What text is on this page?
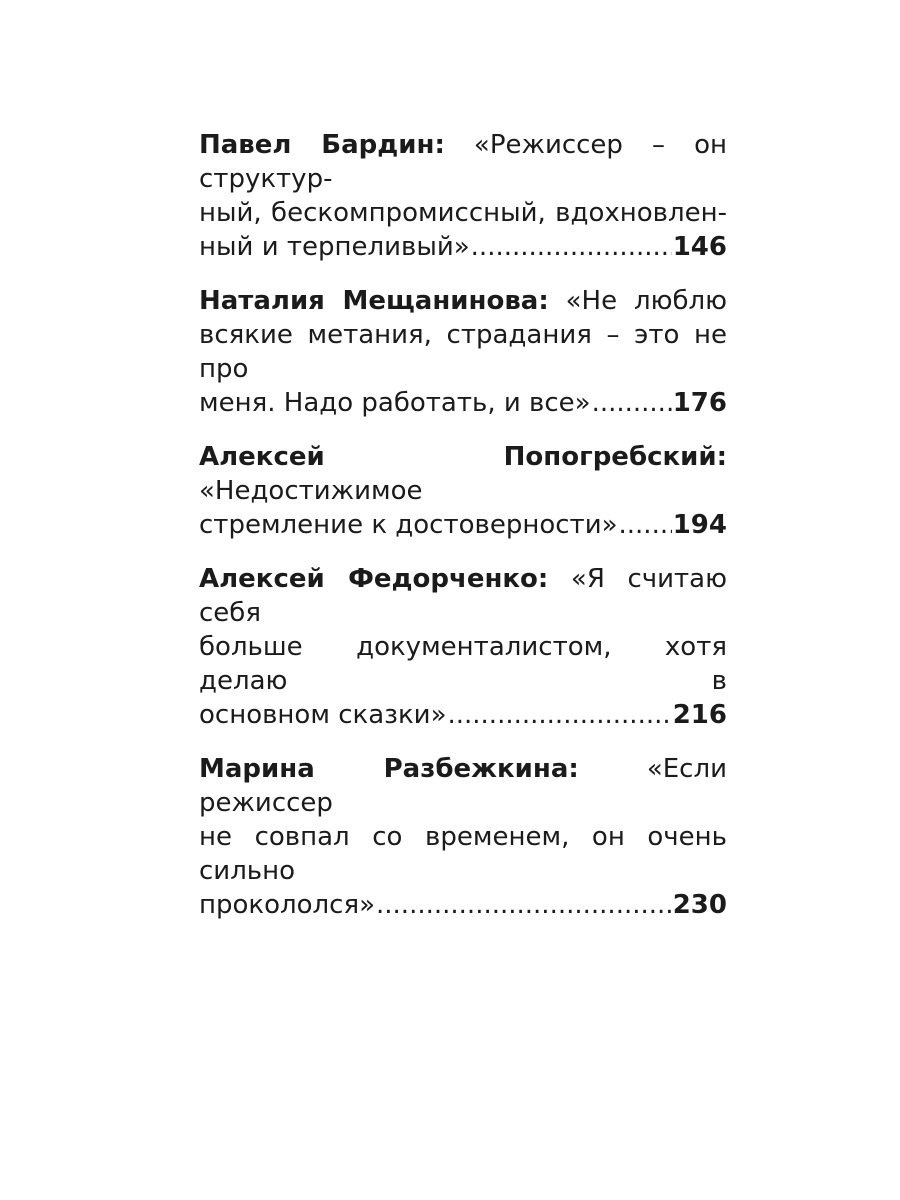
Павел Бардин: «Режиссер – он структур-
ный, бескомпромиссный, вдохновлен-
ный и терпеливый» .....	146
Наталия Мещанинова: «Не люблю
всякие метания, страдания – это не про
меня. Надо работать, и все» .....	176
Алексей Попогребский: «Недостижимое
стремление к достоверности» ..... 194
Алексей Федорченко: «Я считаю себя
больше документалистом, хотя делаю в
основном сказки» .....	216
Марина Разбежкина: «Если режиссер
не совпал со временем, он очень сильно
прокололся» .....	230
